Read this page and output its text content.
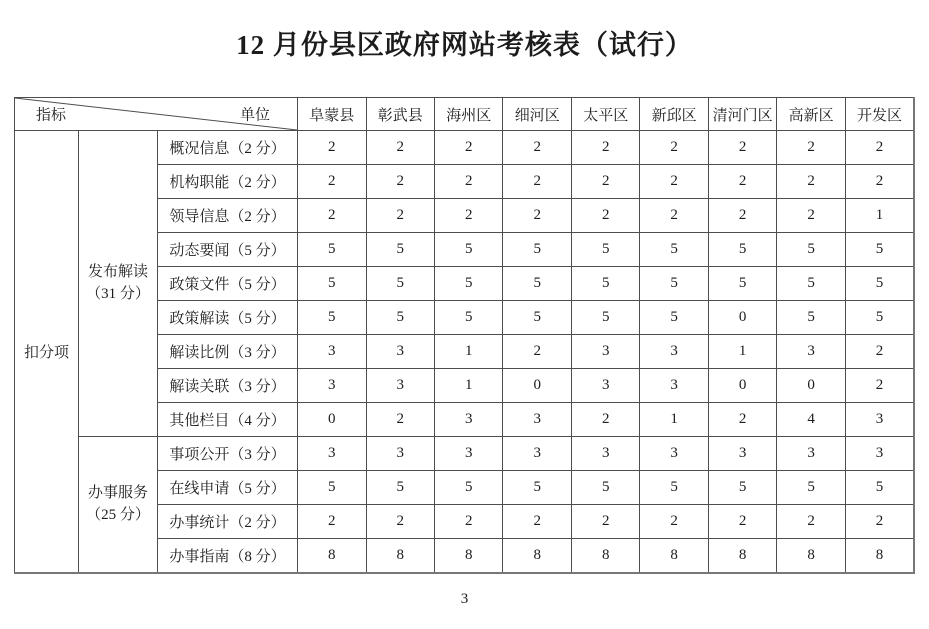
12 月份县区政府网站考核表（试行）
指标 单位			阜蒙县	彰武县	海州区	细河区	太平区	新邱区	清河门区	高新区	开发区
扣分项	发布解读
（31 分）	概况信息（2 分）	2	2	2	2	2	2	2	2	2
		机构职能（2 分）	2	2	2	2	2	2	2	2	2
		领导信息（2 分）	2	2	2	2	2	2	2	2	1
		动态要闻（5 分）	5	5	5	5	5	5	5	5	5
		政策文件（5 分）	5	5	5	5	5	5	5	5	5
		政策解读（5 分）	5	5	5	5	5	5	0	5	5
		解读比例（3 分）	3	3	1	2	3	3	1	3	2
		解读关联（3 分）	3	3	1	0	3	3	0	0	2
		其他栏目（4 分）	0	2	3	3	2	1	2	4	3

	办事服务
（25 分）	事项公开（3 分）	3	3	3	3	3	3	3	3	3
		在线申请（5 分）	5	5	5	5	5	5	5	5	5
		办事统计（2 分）	2	2	2	2	2	2	2	2	2
		办事指南（8 分）	8	8	8	8	8	8	8	8	8
3
